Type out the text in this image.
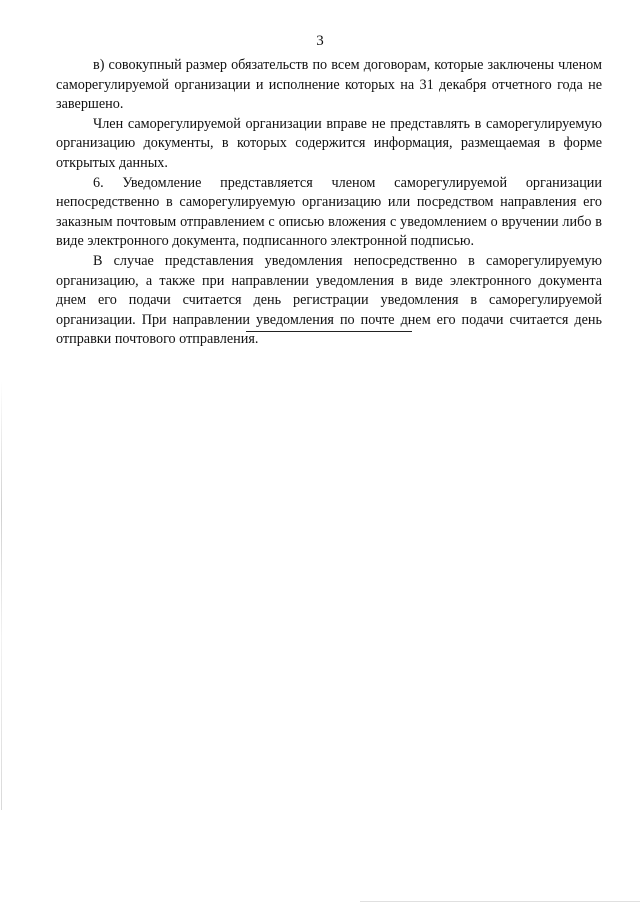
3

в) совокупный размер обязательств по всем договорам, которые заключены членом саморегулируемой организации и исполнение которых на 31 декабря отчетного года не завершено.

Член саморегулируемой организации вправе не представлять в саморегулируемую организацию документы, в которых содержится информация, размещаемая в форме открытых данных.

6. Уведомление представляется членом саморегулируемой организации непосредственно в саморегулируемую организацию или посредством направления его заказным почтовым отправлением с описью вложения с уведомлением о вручении либо в виде электронного документа, подписанного электронной подписью.

В случае представления уведомления непосредственно в саморегулируемую организацию, а также при направлении уведомления в виде электронного документа днем его подачи считается день регистрации уведомления в саморегулируемой организации. При направлении уведомления по почте днем его подачи считается день отправки почтового отправления.
